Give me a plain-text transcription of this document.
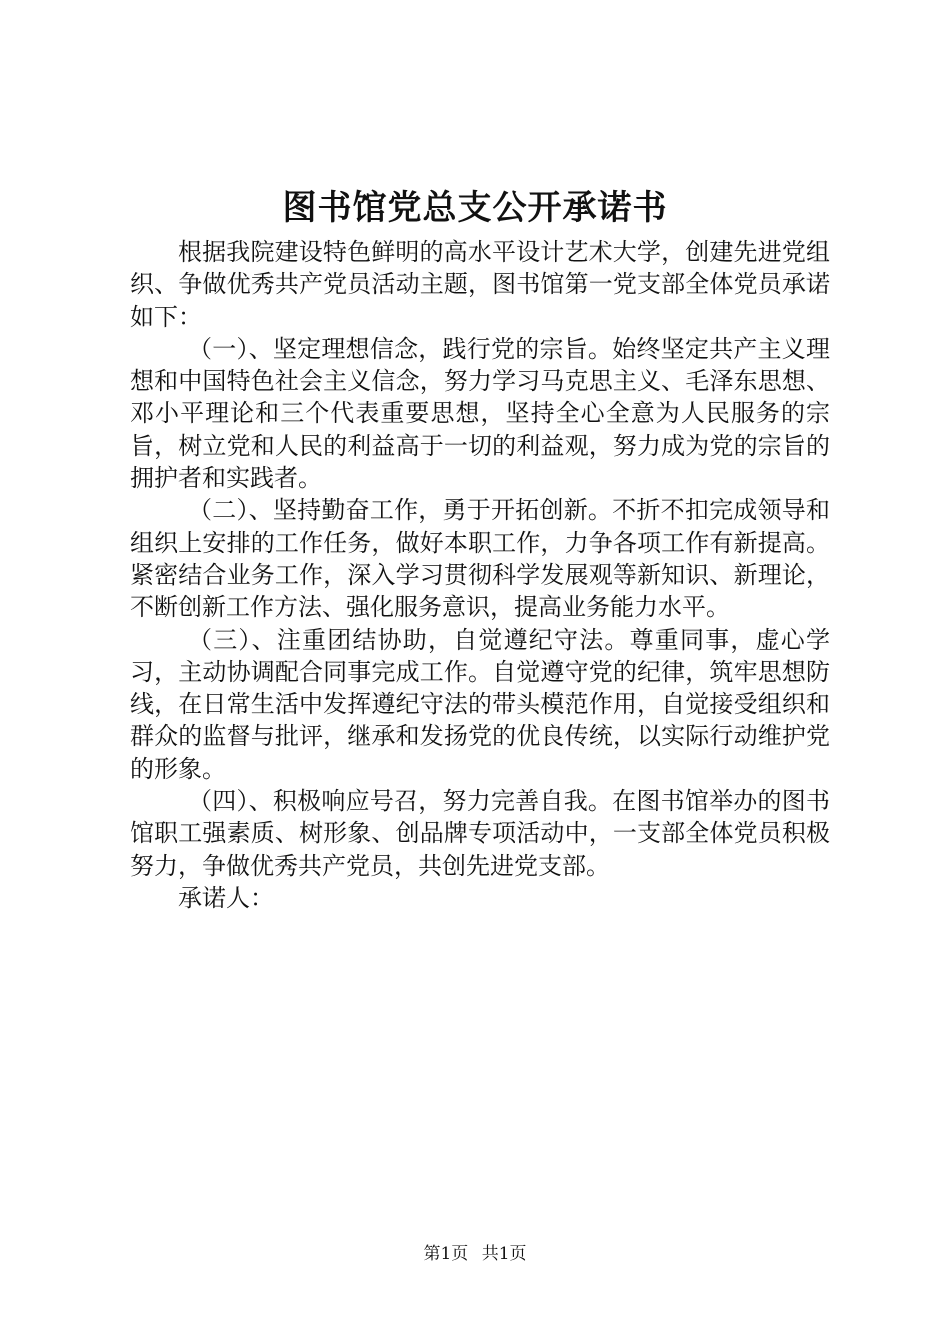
图书馆党总支公开承诺书

根据我院建设特色鲜明的高水平设计艺术大学，创建先进党组织、争做优秀共产党员活动主题，图书馆第一党支部全体党员承诺如下：

（一）、坚定理想信念，践行党的宗旨。始终坚定共产主义理想和中国特色社会主义信念，努力学习马克思主义、毛泽东思想、邓小平理论和三个代表重要思想，坚持全心全意为人民服务的宗旨，树立党和人民的利益高于一切的利益观，努力成为党的宗旨的拥护者和实践者。

（二）、坚持勤奋工作，勇于开拓创新。不折不扣完成领导和组织上安排的工作任务，做好本职工作，力争各项工作有新提高。紧密结合业务工作，深入学习贯彻科学发展观等新知识、新理论，不断创新工作方法、强化服务意识，提高业务能力水平。

（三）、注重团结协助，自觉遵纪守法。尊重同事，虚心学习，主动协调配合同事完成工作。自觉遵守党的纪律，筑牢思想防线，在日常生活中发挥遵纪守法的带头模范作用，自觉接受组织和群众的监督与批评，继承和发扬党的优良传统，以实际行动维护党的形象。

（四）、积极响应号召，努力完善自我。在图书馆举办的图书馆职工强素质、树形象、创品牌专项活动中，一支部全体党员积极努力，争做优秀共产党员，共创先进党支部。

承诺人：

第1页 共1页
